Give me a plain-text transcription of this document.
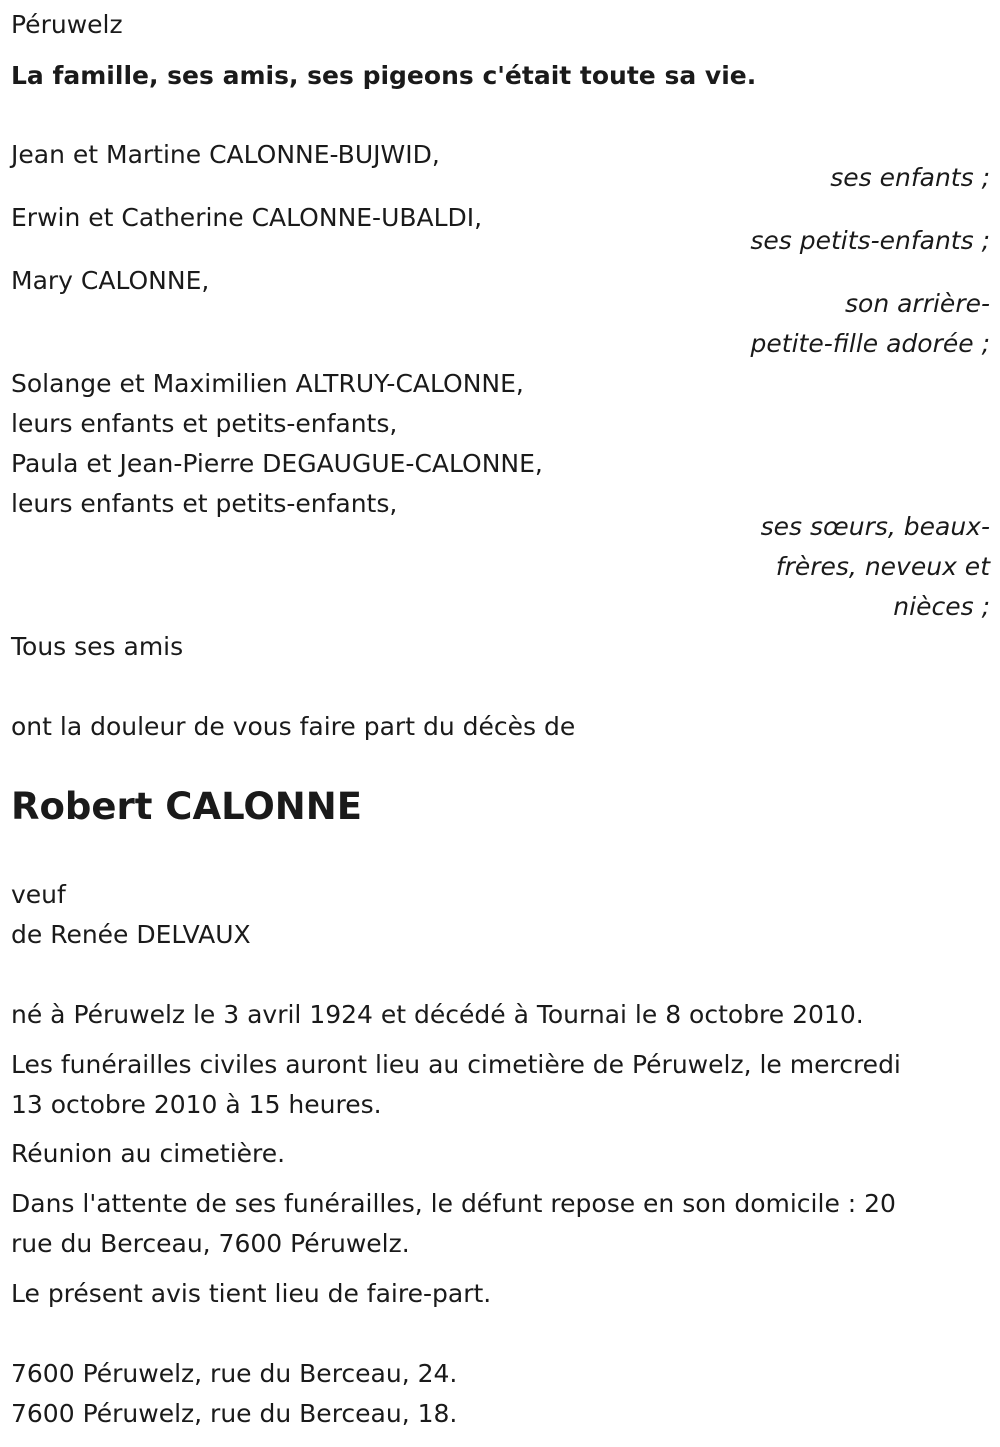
Péruwelz
La famille, ses amis, ses pigeons c'était toute sa vie.
Jean et Martine CALONNE-BUJWID,
ses enfants ;
Erwin et Catherine CALONNE-UBALDI,
ses petits-enfants ;
Mary CALONNE,
son arrière-
petite-fille adorée ;
Solange et Maximilien ALTRUY-CALONNE,
leurs enfants et petits-enfants,
Paula et Jean-Pierre DEGAUGUE-CALONNE,
leurs enfants et petits-enfants,
ses sœurs, beaux-
frères, neveux et
nièces ;
Tous ses amis
ont la douleur de vous faire part du décès de
Robert CALONNE
veuf
de Renée DELVAUX
né à Péruwelz le 3 avril 1924 et décédé à Tournai le 8 octobre 2010.
Les funérailles civiles auront lieu au cimetière de Péruwelz, le mercredi
13 octobre 2010 à 15 heures.
Réunion au cimetière.
Dans l'attente de ses funérailles, le défunt repose en son domicile : 20
rue du Berceau, 7600 Péruwelz.
Le présent avis tient lieu de faire-part.
7600 Péruwelz, rue du Berceau, 24.
7600 Péruwelz, rue du Berceau, 18.
